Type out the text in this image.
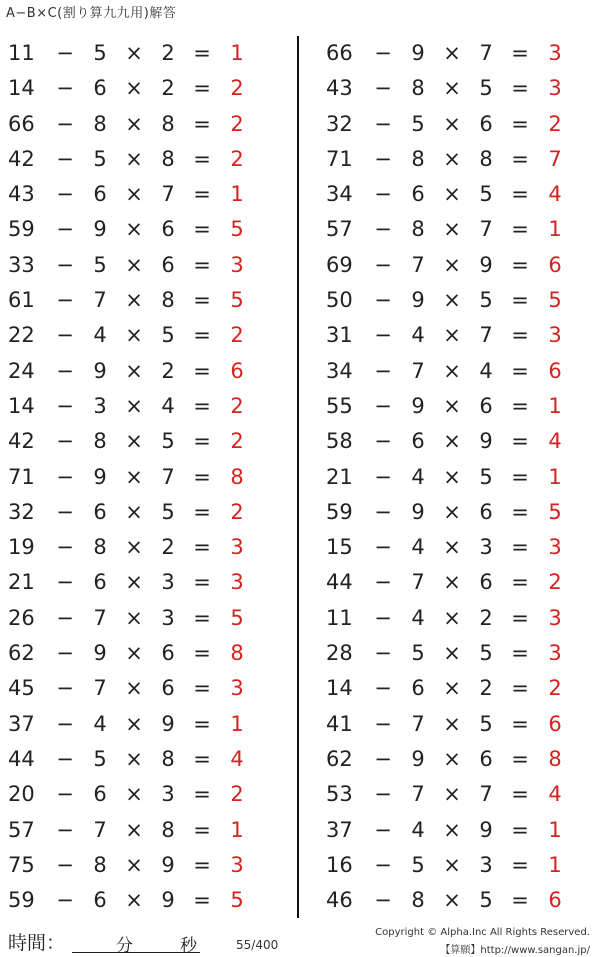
A−B×C(割り算九九用)解答
11	− 5 × 2 = 1
14	− 6 × 2 = 2
66	− 8 × 8 = 2
42	− 5 × 8 = 2
43	− 6 × 7 = 1
59	− 9 × 6 = 5
33	− 5 × 6 = 3
61	− 7 × 8 = 5
22	− 4 × 5 = 2
24	− 9 × 2 = 6
14	− 3 × 4 = 2
42	− 8 × 5 = 2
71	− 9 × 7 = 8
32	− 6 × 5 = 2
19	− 8 × 2 = 3
21	− 6 × 3 = 3
26	− 7 × 3 = 5
62	− 9 × 6 = 8
45	− 7 × 6 = 3
37	− 4 × 9 = 1
44	− 5 × 8 = 4
20	− 6 × 3 = 2
57	− 7 × 8 = 1
75	− 8 × 9 = 3
59	− 6 × 9 = 5
66	− 9 × 7 = 3
43	− 8 × 5 = 3
32	− 5 × 6 = 2
71	− 8 × 8 = 7
34	− 6 × 5 = 4
57	− 8 × 7 = 1
69	− 7 × 9 = 6
50	− 9 × 5 = 5
31	− 4 × 7 = 3
34	− 7 × 4 = 6
55	− 9 × 6 = 1
58	− 6 × 9 = 4
21	− 4 × 5 = 1
59	− 9 × 6 = 5
15	− 4 × 3 = 3
44	− 7 × 6 = 2
11	− 4 × 2 = 3
28	− 5 × 5 = 3
14	− 6 × 2 = 2
41	− 7 × 5 = 6
62	− 9 × 6 = 8
53	− 7 × 7 = 4
37	− 4 × 9 = 1
16	− 5 × 3 = 1
46	− 8 × 5 = 6
時間：	分	秒	55/400
Copyright © Alpha.Inc All Rights Reserved.
【算願】http://www.sangan.jp/
